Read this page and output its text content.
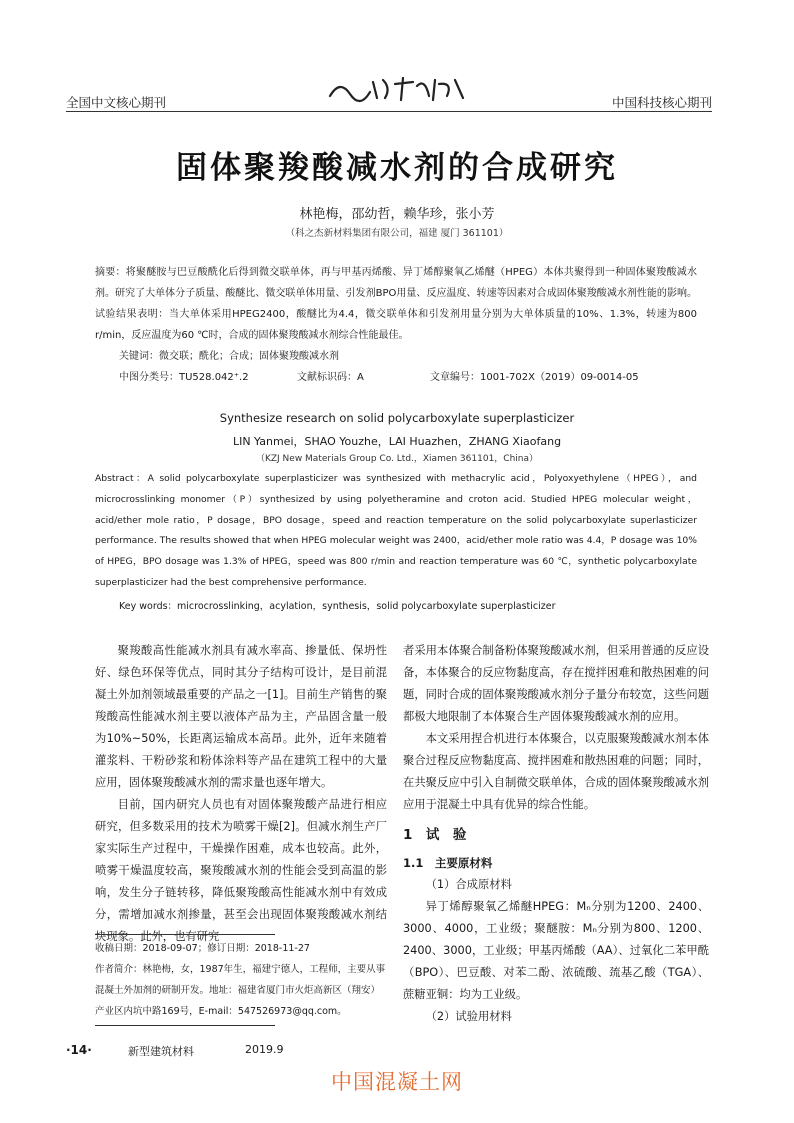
全国中文核心期刊	中国科技核心期刊
固体聚羧酸减水剂的合成研究
林艳梅，邵幼哲，赖华珍，张小芳
（科之杰新材料集团有限公司，福建 厦门 361101）
摘要：将聚醚胺与巴豆酸酰化后得到微交联单体，再与甲基丙烯酸、异丁烯醇聚氧乙烯醚（HPEG）本体共聚得到一种固体聚羧酸减水剂。研究了大单体分子质量、酸醚比、微交联单体用量、引发剂BPO用量、反应温度、转速等因素对合成固体聚羧酸减水剂性能的影响。试验结果表明：当大单体采用HPEG2400，酸醚比为4.4，微交联单体和引发剂用量分别为大单体质量的10%、1.3%，转速为800 r/min，反应温度为60 ℃时，合成的固体聚羧酸减水剂综合性能最佳。
关键词：微交联；酰化；合成；固体聚羧酸减水剂
中图分类号：TU528.042⁺.2	文献标识码：A	文章编号：1001-702X（2019）09-0014-05
Synthesize research on solid polycarboxylate superplasticizer
LIN Yanmei，SHAO Youzhe，LAI Huazhen，ZHANG Xiaofang
（KZJ New Materials Group Co. Ltd.，Xiamen 361101，China）
Abstract：A solid polycarboxylate superplasticizer was synthesized with methacrylic acid，Polyoxyethylene（HPEG），and microcrosslinking monomer（P）synthesized by using polyetheramine and croton acid. Studied HPEG molecular weight，acid/ether mole ratio，P dosage，BPO dosage，speed and reaction temperature on the solid polycarboxylate superlasticizer performance. The results showed that when HPEG molecular weight was 2400，acid/ether mole ratio was 4.4，P dosage was 10% of HPEG，BPO dosage was 1.3% of HPEG，speed was 800 r/min and reaction temperature was 60 ℃，synthetic polycarboxylate superplasticizer had the best comprehensive performance.
Key words：microcrosslinking，acylation，synthesis，solid polycarboxylate superplasticizer

聚羧酸高性能减水剂具有减水率高、掺量低、保坍性好、绿色环保等优点，同时其分子结构可设计，是目前混凝土外加剂领域最重要的产品之一[1]。目前生产销售的聚羧酸高性能减水剂主要以液体产品为主，产品固含量一般为10%~50%，长距离运输成本高昂。此外，近年来随着灌浆料、干粉砂浆和粉体涂料等产品在建筑工程中的大量应用，固体聚羧酸减水剂的需求量也逐年增大。

目前，国内研究人员也有对固体聚羧酸产品进行相应研究，但多数采用的技术为喷雾干燥[2]。但减水剂生产厂家实际生产过程中，干燥操作困难，成本也较高。此外，喷雾干燥温度较高，聚羧酸减水剂的性能会受到高温的影响，发生分子链转移，降低聚羧酸高性能减水剂中有效成分，需增加减水剂掺量，甚至会出现固体聚羧酸减水剂结块现象。此外，也有研究

者采用本体聚合制备粉体聚羧酸减水剂，但采用普通的反应设备，本体聚合的反应物黏度高，存在搅拌困难和散热困难的问题，同时合成的固体聚羧酸减水剂分子量分布较宽，这些问题都极大地限制了本体聚合生产固体聚羧酸减水剂的应用。

本文采用捏合机进行本体聚合，以克服聚羧酸减水剂本体聚合过程反应物黏度高、搅拌困难和散热困难的问题；同时，在共聚反应中引入自制微交联单体，合成的固体聚羧酸减水剂应用于混凝土中具有优异的综合性能。

1　试　验
1.1　主要原材料

（1）合成原材料

异丁烯醇聚氧乙烯醚HPEG：Mₙ分别为1200、2400、3000、4000，工业级；聚醚胺：Mₙ分别为800、1200、2400、3000，工业级；甲基丙烯酸（AA）、过氧化二苯甲酰（BPO）、巴豆酸、对苯二酚、浓硫酸、巯基乙酸（TGA）、蔗糖亚铜：均为工业级。

（2）试验用材料

收稿日期：2018-09-07；修订日期：2018-11-27
作者简介：林艳梅，女，1987年生，福建宁德人，工程师，主要从事混凝土外加剂的研制开发。地址：福建省厦门市火炬高新区（翔安）产业区内坑中路169号，E-mail：547526973@qq.com。
·14·	新型建筑材料	2019.9
中国混凝土网
